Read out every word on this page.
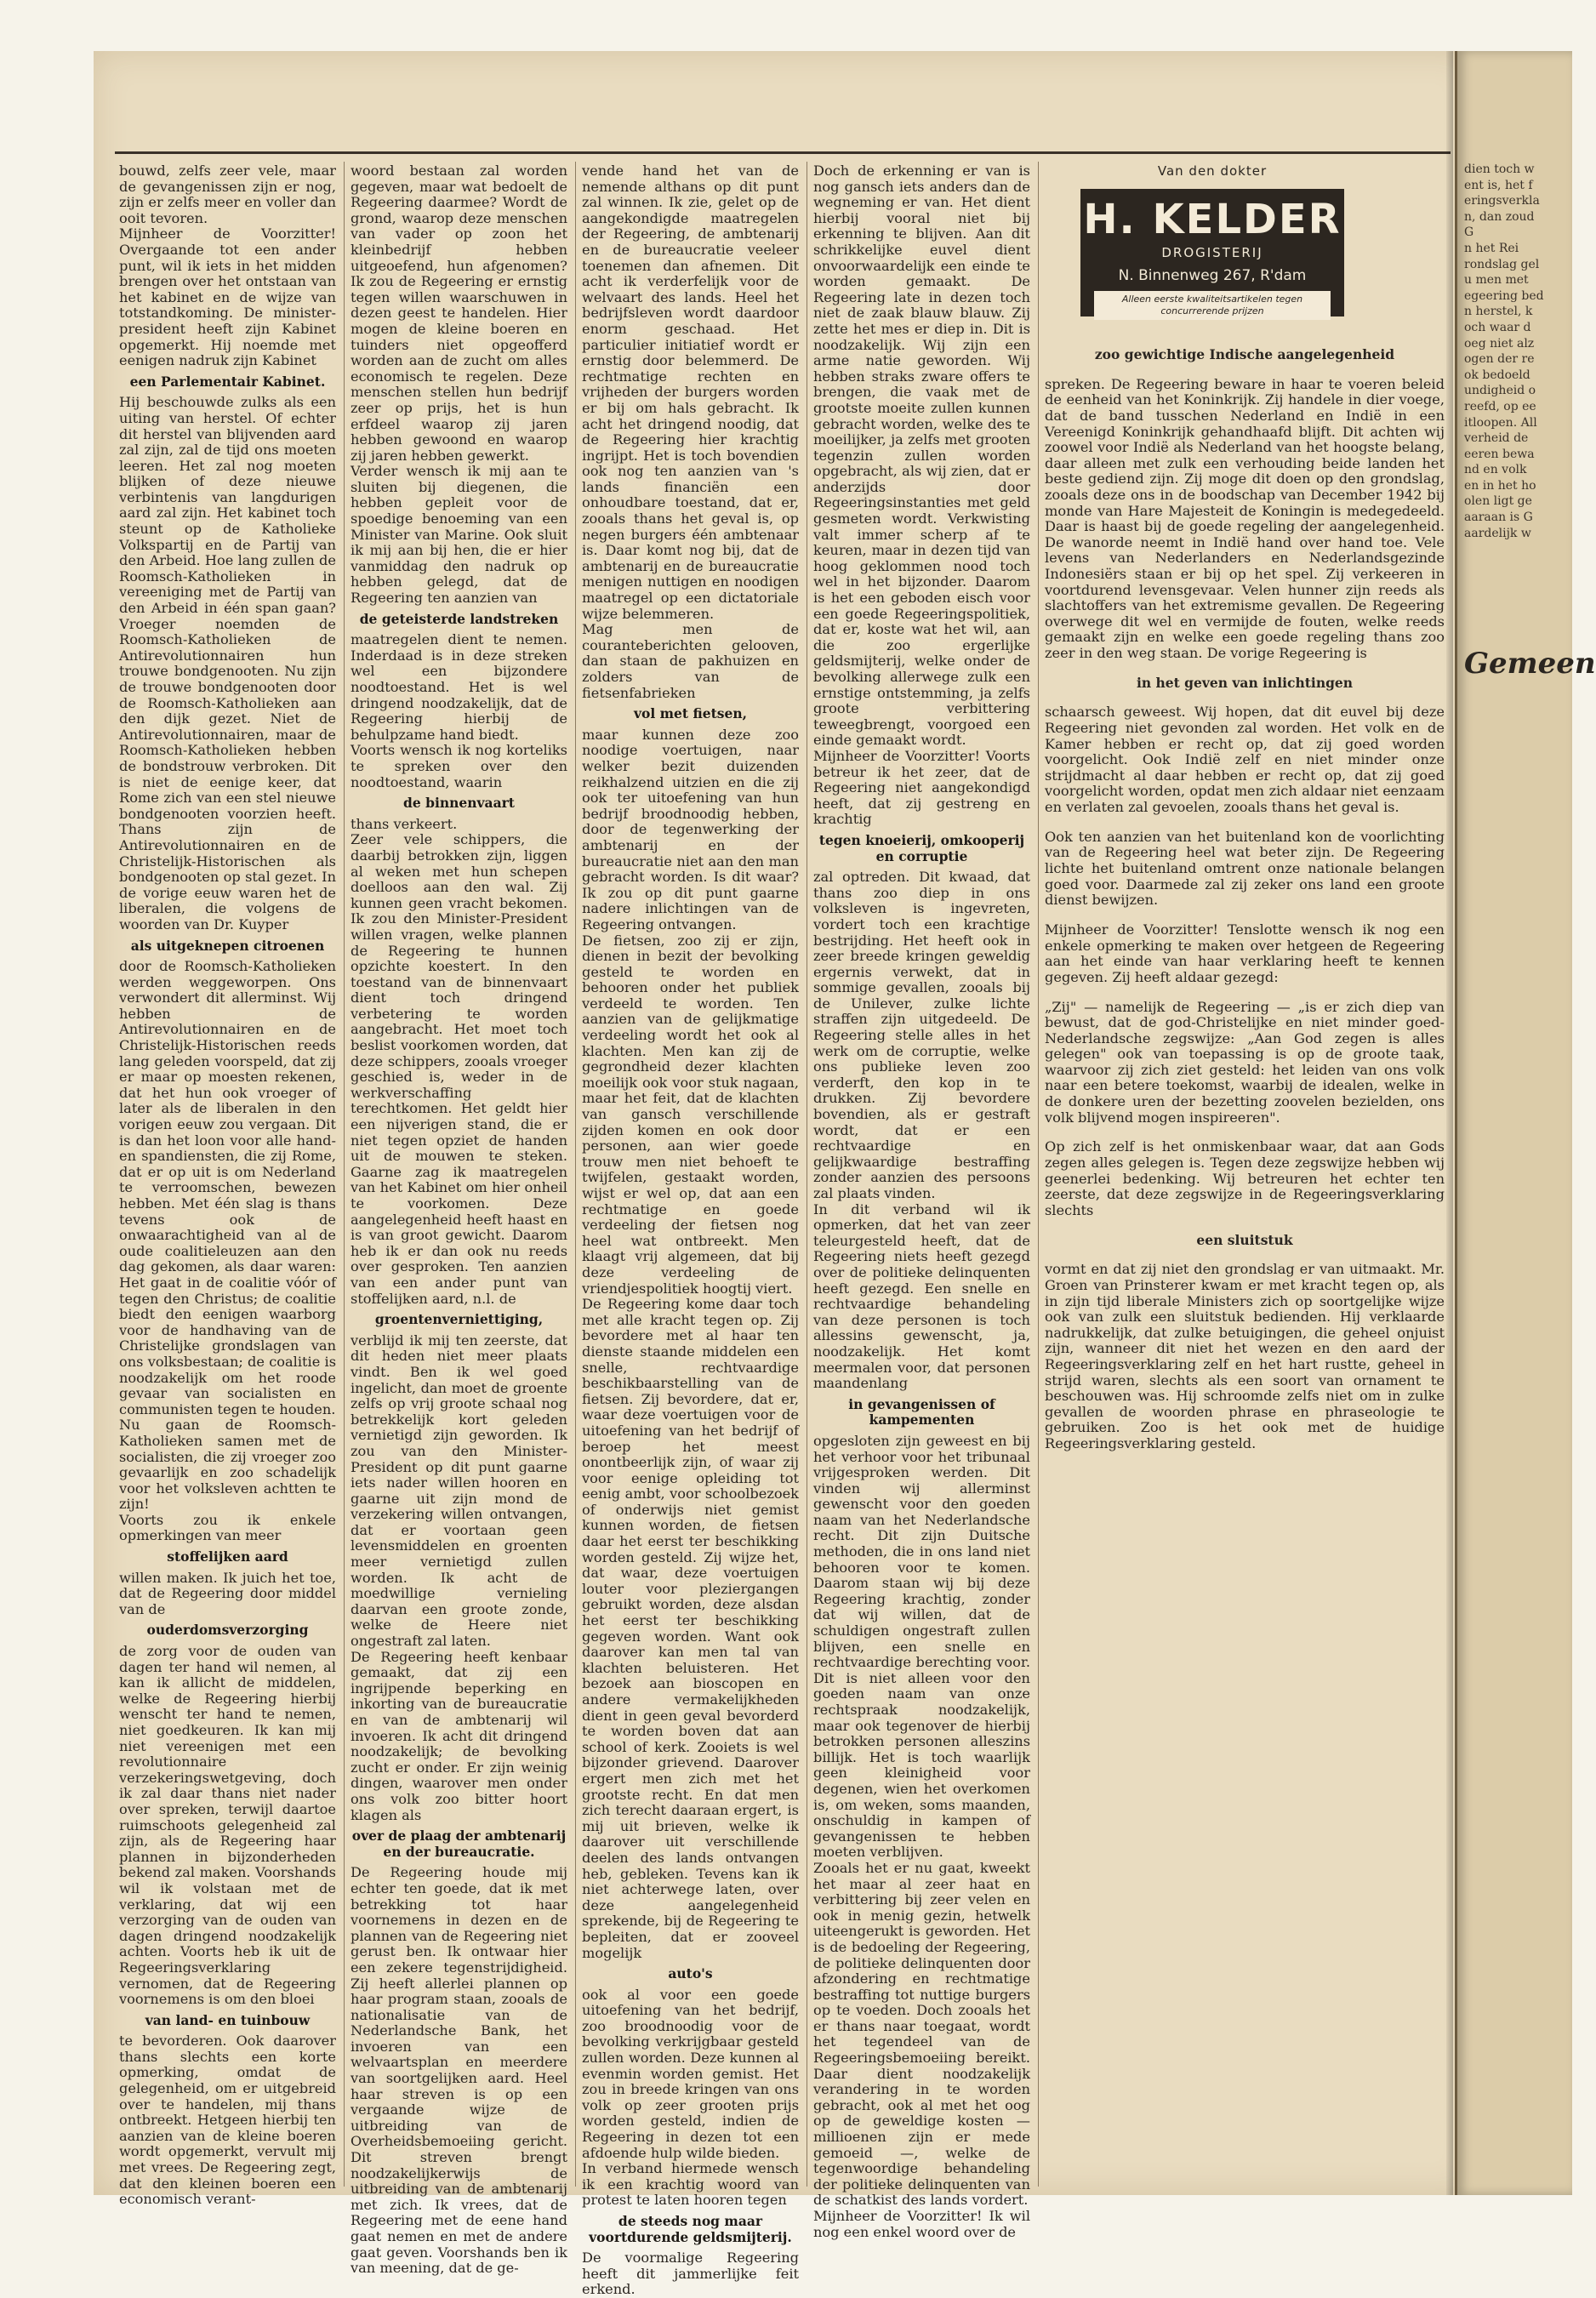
bouwd, zelfs zeer vele, maar de gevangenissen zijn er nog, zijn er zelfs meer en voller dan ooit tevoren.

Mijnheer de Voorzitter! Overgaande tot een ander punt, wil ik iets in het midden brengen over het ontstaan van het kabinet en de wijze van totstandkoming. De minister-president heeft zijn Kabinet opgemerkt. Hij noemde met eenigen nadruk zijn Kabinet

een Parlementair Kabinet.

Hij beschouwde zulks als een uiting van herstel. Of echter dit herstel van blijvenden aard zal zijn, zal de tijd ons moeten leeren. Het zal nog moeten blijken of deze nieuwe verbintenis van langdurigen aard zal zijn. Het kabinet toch steunt op de Katholieke Volkspartij en de Partij van den Arbeid. Hoe lang zullen de Roomsch-Katholieken in vereeniging met de Partij van den Arbeid in één span gaan? Vroeger noemden de Roomsch-Katholieken de Antirevolutionnairen hun trouwe bondgenooten. Nu zijn de trouwe bondgenooten door de Roomsch-Katholieken aan den dijk gezet. Niet de Antirevolutionnairen, maar de Roomsch-Katholieken hebben de bondstrouw verbroken. Dit is niet de eenige keer, dat Rome zich van een stel nieuwe bondgenooten voorzien heeft. Thans zijn de Antirevolutionnairen en de Christelijk-Historischen als bondgenooten op stal gezet. In de vorige eeuw waren het de liberalen, die volgens de woorden van Dr. Kuyper

als uitgeknepen citroenen

door de Roomsch-Katholieken werden weggeworpen. Ons verwondert dit allerminst. Wij hebben de Antirevolutionnairen en de Christelijk-Historischen reeds lang geleden voorspeld, dat zij er maar op moesten rekenen, dat het hun ook vroeger of later als de liberalen in den vorigen eeuw zou vergaan. Dit is dan het loon voor alle hand- en spandiensten, die zij Rome, dat er op uit is om Nederland te verroomschen, bewezen hebben. Met één slag is thans tevens ook de onwaarachtigheid van al de oude coalitieleuzen aan den dag gekomen, als daar waren: Het gaat in de coalitie vóór of tegen den Christus; de coalitie biedt den eenigen waarborg voor de handhaving van de Christelijke grondslagen van ons volksbestaan; de coalitie is noodzakelijk om het roode gevaar van socialisten en communisten tegen te houden.

Nu gaan de Roomsch-Katholieken samen met de socialisten, die zij vroeger zoo gevaarlijk en zoo schadelijk voor het volksleven achtten te zijn!

Voorts zou ik enkele opmerkingen van meer

stoffelijken aard

willen maken. Ik juich het toe, dat de Regeering door middel van de

ouderdomsverzorging

de zorg voor de ouden van dagen ter hand wil nemen, al kan ik allicht de middelen, welke de Regeering hierbij wenscht ter hand te nemen, niet goedkeuren. Ik kan mij niet vereenigen met een revolutionnaire verzekeringswetgeving, doch ik zal daar thans niet nader over spreken, terwijl daartoe ruimschoots gelegenheid zal zijn, als de Regeering haar plannen in bijzonderheden bekend zal maken. Voorshands wil ik volstaan met de verklaring, dat wij een verzorging van de ouden van dagen dringend noodzakelijk achten. Voorts heb ik uit de Regeeringsverklaring vernomen, dat de Regeering voornemens is om den bloei

van land- en tuinbouw

te bevorderen. Ook daarover thans slechts een korte opmerking, omdat de gelegenheid, om er uitgebreid over te handelen, mij thans ontbreekt. Hetgeen hierbij ten aanzien van de kleine boeren wordt opgemerkt, vervult mij met vrees. De Regeering zegt, dat den kleinen boeren een economisch verant-

woord bestaan zal worden gegeven, maar wat bedoelt de Regeering daarmee? Wordt de grond, waarop deze menschen van vader op zoon het kleinbedrijf hebben uitgeoefend, hun afgenomen? Ik zou de Regeering er ernstig tegen willen waarschuwen in dezen geest te handelen. Hier mogen de kleine boeren en tuinders niet opgeofferd worden aan de zucht om alles economisch te regelen. Deze menschen stellen hun bedrijf zeer op prijs, het is hun erfdeel waarop zij jaren hebben gewoond en waarop zij jaren hebben gewerkt.

Verder wensch ik mij aan te sluiten bij diegenen, die hebben gepleit voor de spoedige benoeming van een Minister van Marine. Ook sluit ik mij aan bij hen, die er hier vanmiddag den nadruk op hebben gelegd, dat de Regeering ten aanzien van

de geteisterde landstreken

maatregelen dient te nemen. Inderdaad is in deze streken wel een bijzondere noodtoestand. Het is wel dringend noodzakelijk, dat de Regeering hierbij de behulpzame hand biedt.

Voorts wensch ik nog korteliks te spreken over den noodtoestand, waarin

de binnenvaart

thans verkeert.

Zeer vele schippers, die daarbij betrokken zijn, liggen al weken met hun schepen doelloos aan den wal. Zij kunnen geen vracht bekomen. Ik zou den Minister-President willen vragen, welke plannen de Regeering te hunnen opzichte koestert. In den toestand van de binnenvaart dient toch dringend verbetering te worden aangebracht. Het moet toch beslist voorkomen worden, dat deze schippers, zooals vroeger geschied is, weder in de werkverschaffing terechtkomen. Het geldt hier een nijverigen stand, die er niet tegen opziet de handen uit de mouwen te steken. Gaarne zag ik maatregelen van het Kabinet om hier onheil te voorkomen. Deze aangelegenheid heeft haast en is van groot gewicht. Daarom heb ik er dan ook nu reeds over gesproken. Ten aanzien van een ander punt van stoffelijken aard, n.l. de

groentenverniettiging,

verblijd ik mij ten zeerste, dat dit heden niet meer plaats vindt. Ben ik wel goed ingelicht, dan moet de groente zelfs op vrij groote schaal nog betrekkelijk kort geleden vernietigd zijn geworden. Ik zou van den Minister-President op dit punt gaarne iets nader willen hooren en gaarne uit zijn mond de verzekering willen ontvangen, dat er voortaan geen levensmiddelen en groenten meer vernietigd zullen worden. Ik acht de moedwillige vernieling daarvan een groote zonde, welke de Heere niet ongestraft zal laten.

De Regeering heeft kenbaar gemaakt, dat zij een ingrijpende beperking en inkorting van de bureaucratie en van de ambtenarij wil invoeren. Ik acht dit dringend noodzakelijk; de bevolking zucht er onder. Er zijn weinig dingen, waarover men onder ons volk zoo bitter hoort klagen als

over de plaag der ambtenarij en der bureaucratie.

De Regeering houde mij echter ten goede, dat ik met betrekking tot haar voornemens in dezen en de plannen van de Regeering niet gerust ben. Ik ontwaar hier een zekere tegenstrijdigheid. Zij heeft allerlei plannen op haar program staan, zooals de nationalisatie van de Nederlandsche Bank, het invoeren van een welvaartsplan en meerdere van soortgelijken aard. Heel haar streven is op een vergaande wijze de uitbreiding van de Overheidsbemoeiing gericht. Dit streven brengt noodzakelijkerwijs de uitbreiding van de ambtenarij met zich. Ik vrees, dat de Regeering met de eene hand gaat nemen en met de andere gaat geven. Voorshands ben ik van meening, dat de ge-

vende hand het van de nemende althans op dit punt zal winnen. Ik zie, gelet op de aangekondigde maatregelen der Regeering, de ambtenarij en de bureaucratie veeleer toenemen dan afnemen. Dit acht ik verderfelijk voor de welvaart des lands. Heel het bedrijfsleven wordt daardoor enorm geschaad. Het particulier initiatief wordt er ernstig door belemmerd. De rechtmatige rechten en vrijheden der burgers worden er bij om hals gebracht. Ik acht het dringend noodig, dat de Regeering hier krachtig ingrijpt. Het is toch bovendien ook nog ten aanzien van 's lands financiën een onhoudbare toestand, dat er, zooals thans het geval is, op negen burgers één ambtenaar is. Daar komt nog bij, dat de ambtenarij en de bureaucratie menigen nuttigen en noodigen maatregel op een dictatoriale wijze belemmeren.

Mag men de couranteberichten gelooven, dan staan de pakhuizen en zolders van de fietsenfabrieken

vol met fietsen,

maar kunnen deze zoo noodige voertuigen, naar welker bezit duizenden reikhalzend uitzien en die zij ook ter uitoefening van hun bedrijf broodnoodig hebben, door de tegenwerking der ambtenarij en der bureaucratie niet aan den man gebracht worden. Is dit waar? Ik zou op dit punt gaarne nadere inlichtingen van de Regeering ontvangen.

De fietsen, zoo zij er zijn, dienen in bezit der bevolking gesteld te worden en behooren onder het publiek verdeeld te worden. Ten aanzien van de gelijkmatige verdeeling wordt het ook al klachten. Men kan zij de gegrondheid dezer klachten moeilijk ook voor stuk nagaan, maar het feit, dat de klachten van gansch verschillende zijden komen en ook door personen, aan wier goede trouw men niet behoeft te twijfelen, gestaakt worden, wijst er wel op, dat aan een rechtmatige en goede verdeeling der fietsen nog heel wat ontbreekt. Men klaagt vrij algemeen, dat bij deze verdeeling de vriendjespolitiek hoogtij viert.

De Regeering kome daar toch met alle kracht tegen op. Zij bevordere met al haar ten dienste staande middelen een snelle, rechtvaardige beschikbaarstelling van de fietsen. Zij bevordere, dat er, waar deze voertuigen voor de uitoefening van het bedrijf of beroep het meest onontbeerlijk zijn, of waar zij voor eenige opleiding tot eenig ambt, voor schoolbezoek of onderwijs niet gemist kunnen worden, de fietsen daar het eerst ter beschikking worden gesteld. Zij wijze het, dat waar, deze voertuigen louter voor pleziergangen gebruikt worden, deze alsdan het eerst ter beschikking gegeven worden. Want ook daarover kan men tal van klachten beluisteren. Het bezoek aan bioscopen en andere vermakelijkheden dient in geen geval bevorderd te worden boven dat aan school of kerk. Zooiets is wel bijzonder grievend. Daarover ergert men zich met het grootste recht. En dat men zich terecht daaraan ergert, is mij uit brieven, welke ik daarover uit verschillende deelen des lands ontvangen heb, gebleken. Tevens kan ik niet achterwege laten, over deze aangelegenheid sprekende, bij de Regeering te bepleiten, dat er zooveel mogelijk

auto's

ook al voor een goede uitoefening van het bedrijf, zoo broodnoodig voor de bevolking verkrijgbaar gesteld zullen worden. Deze kunnen al evenmin worden gemist. Het zou in breede kringen van ons volk op zeer grooten prijs worden gesteld, indien de Regeering in dezen tot een afdoende hulp wilde bieden.

In verband hiermede wensch ik een krachtig woord van protest te laten hooren tegen

de steeds nog maar voortdurende geldsmijterij.

De voormalige Regeering heeft dit jammerlijke feit erkend.

Doch de erkenning er van is nog gansch iets anders dan de wegneming er van. Het dient hierbij vooral niet bij erkenning te blijven. Aan dit schrikkelijke euvel dient onvoorwaardelijk een einde te worden gemaakt. De Regeering late in dezen toch niet de zaak blauw blauw. Zij zette het mes er diep in. Dit is noodzakelijk. Wij zijn een arme natie geworden. Wij hebben straks zware offers te brengen, die vaak met de grootste moeite zullen kunnen gebracht worden, welke des te moeilijker, ja zelfs met grooten tegenzin zullen worden opgebracht, als wij zien, dat er anderzijds door Regeeringsinstanties met geld gesmeten wordt. Verkwisting valt immer scherp af te keuren, maar in dezen tijd van hoog geklommen nood toch wel in het bijzonder. Daarom is het een geboden eisch voor een goede Regeeringspolitiek, dat er, koste wat het wil, aan die zoo ergerlijke geldsmijterij, welke onder de bevolking allerwege zulk een ernstige ontstemming, ja zelfs groote verbittering teweegbrengt, voorgoed een einde gemaakt wordt.

Mijnheer de Voorzitter! Voorts betreur ik het zeer, dat de Regeering niet aangekondigd heeft, dat zij gestreng en krachtig

tegen knoeierij, omkooperij en corruptie

zal optreden. Dit kwaad, dat thans zoo diep in ons volksleven is ingevreten, vordert toch een krachtige bestrijding. Het heeft ook in zeer breede kringen geweldig ergernis verwekt, dat in sommige gevallen, zooals bij de Unilever, zulke lichte straffen zijn uitgedeeld. De Regeering stelle alles in het werk om de corruptie, welke ons publieke leven zoo verderft, den kop in te drukken. Zij bevordere bovendien, als er gestraft wordt, dat er een rechtvaardige en gelijkwaardige bestraffing zonder aanzien des persoons zal plaats vinden.

In dit verband wil ik opmerken, dat het van zeer teleurgesteld heeft, dat de Regeering niets heeft gezegd over de politieke delinquenten heeft gezegd. Een snelle en rechtvaardige behandeling van deze personen is toch allessins gewenscht, ja, noodzakelijk. Het komt meermalen voor, dat personen maandenlang

in gevangenissen of kampementen

opgesloten zijn geweest en bij het verhoor voor het tribunaal vrijgesproken werden. Dit vinden wij allerminst gewenscht voor den goeden naam van het Nederlandsche recht. Dit zijn Duitsche methoden, die in ons land niet behooren voor te komen. Daarom staan wij bij deze Regeering krachtig, zonder dat wij willen, dat de schuldigen ongestraft zullen blijven, een snelle en rechtvaardige berechting voor. Dit is niet alleen voor den goeden naam van onze rechtspraak noodzakelijk, maar ook tegenover de hierbij betrokken personen alleszins billijk. Het is toch waarlijk geen kleinigheid voor degenen, wien het overkomen is, om weken, soms maanden, onschuldig in kampen of gevangenissen te hebben moeten verblijven.

Zooals het er nu gaat, kweekt het maar al zeer haat en verbittering bij zeer velen en ook in menig gezin, hetwelk uiteengerukt is geworden. Het is de bedoeling der Regeering, de politieke delinquenten door afzondering en rechtmatige bestraffing tot nuttige burgers op te voeden. Doch zooals het er thans naar toegaat, wordt het tegendeel van de Regeeringsbemoeiing bereikt. Daar dient noodzakelijk verandering in te worden gebracht, ook al met het oog op de geweldige kosten — millioenen zijn er mede gemoeid —, welke de tegenwoordige behandeling der politieke delinquenten van de schatkist des lands vordert.

Mijnheer de Voorzitter! Ik wil nog een enkel woord over de

Van den dokter
H. KELDER
DROGISTERIJ
N. Binnenweg 267, R'dam
Alleen eerste kwaliteitsartikelen tegen concurrerende prijzen
zoo gewichtige Indische aangelegenheid

spreken. De Regeering beware in haar te voeren beleid de eenheid van het Koninkrijk. Zij handele in dier voege, dat de band tusschen Nederland en Indië in een Vereenigd Koninkrijk gehandhaafd blijft. Dit achten wij zoowel voor Indië als Nederland van het hoogste belang, daar alleen met zulk een verhouding beide landen het beste gediend zijn. Zij moge dit doen op den grondslag, zooals deze ons in de boodschap van December 1942 bij monde van Hare Majesteit de Koningin is medegedeeld. Daar is haast bij de goede regeling der aangelegenheid. De wanorde neemt in Indië hand over hand toe. Vele levens van Nederlanders en Nederlandsgezinde Indonesiërs staan er bij op het spel. Zij verkeeren in voortdurend levensgevaar. Velen hunner zijn reeds als slachtoffers van het extremisme gevallen. De Regeering overwege dit wel en vermijde de fouten, welke reeds gemaakt zijn en welke een goede regeling thans zoo zeer in den weg staan. De vorige Regeering is

in het geven van inlichtingen

schaarsch geweest. Wij hopen, dat dit euvel bij deze Regeering niet gevonden zal worden. Het volk en de Kamer hebben er recht op, dat zij goed worden voorgelicht. Ook Indië zelf en niet minder onze strijdmacht al daar hebben er recht op, dat zij goed voorgelicht worden, opdat men zich aldaar niet eenzaam en verlaten zal gevoelen, zooals thans het geval is.

Ook ten aanzien van het buitenland kon de voorlichting van de Regeering heel wat beter zijn. De Regeering lichte het buitenland omtrent onze nationale belangen goed voor. Daarmede zal zij zeker ons land een groote dienst bewijzen.

Mijnheer de Voorzitter! Tenslotte wensch ik nog een enkele opmerking te maken over hetgeen de Regeering aan het einde van haar verklaring heeft te kennen gegeven. Zij heeft aldaar gezegd:

„Zij" — namelijk de Regeering — „is er zich diep van bewust, dat de god-Christelijke en niet minder goed-Nederlandsche zegswijze: „Aan God zegen is alles gelegen" ook van toepassing is op de groote taak, waarvoor zij zich ziet gesteld: het leiden van ons volk naar een betere toekomst, waarbij de idealen, welke in de donkere uren der bezetting zoovelen bezielden, ons volk blijvend mogen inspireeren".

Op zich zelf is het onmiskenbaar waar, dat aan Gods zegen alles gelegen is. Tegen deze zegswijze hebben wij geenerlei bedenking. Wij betreuren het echter ten zeerste, dat deze zegswijze in de Regeeringsverklaring slechts

een sluitstuk

vormt en dat zij niet den grondslag er van uitmaakt. Mr. Groen van Prinsterer kwam er met kracht tegen op, als in zijn tijd liberale Ministers zich op soortgelijke wijze ook van zulk een sluitstuk bedienden. Hij verklaarde nadrukkelijk, dat zulke betuigingen, die geheel onjuist zijn, wanneer dit niet het wezen en den aard der Regeeringsverklaring zelf en het hart rustte, geheel in strijd waren, slechts als een soort van ornament te beschouwen was. Hij schroomde zelfs niet om in zulke gevallen de woorden phrase en phraseologie te gebruiken. Zoo is het ook met de huidige Regeeringsverklaring gesteld.

dien toch w
ent is, het f
eringsverkla
n, dan zoud
G
n het Rei
rondslag gel
u men met
egeering bed
n herstel, k
och waar d
oeg niet alz
ogen der re
ok bedoeld
undigheid o
reefd, op ee
itloopen. All
verheid de
eeren bewa
nd en volk
en in het ho
olen ligt ge
aaraan is G
aardelijk w
Gemeen
